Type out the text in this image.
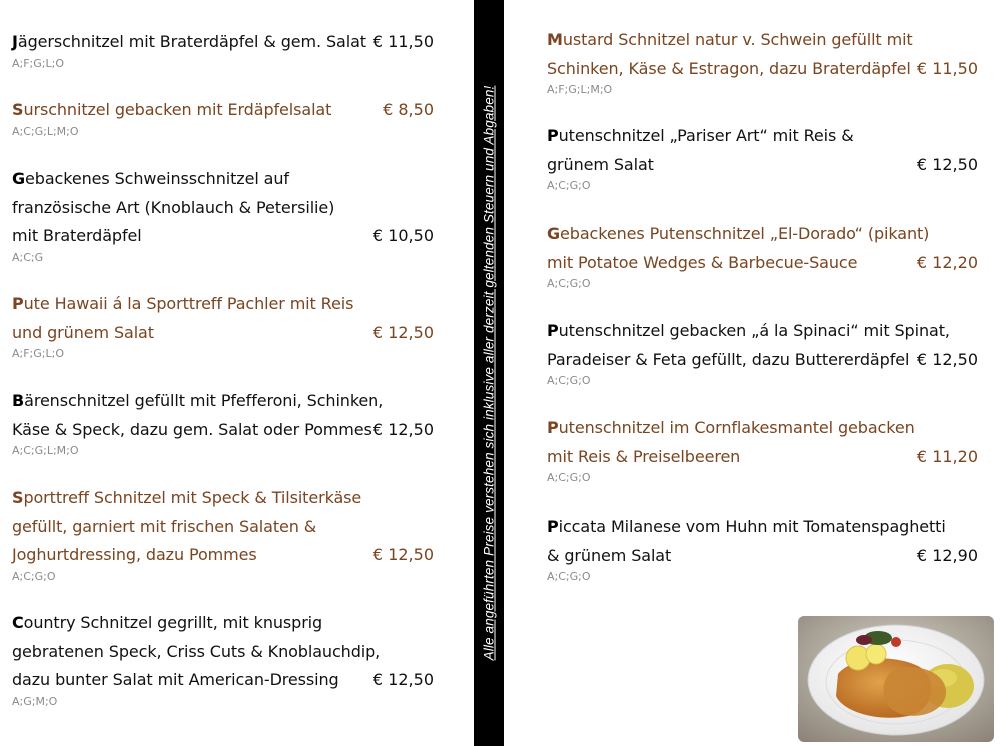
Jägerschnitzel mit Braterdäpfel & gem. Salat € 11,50
A;F;G;L;O
Surschnitzel gebacken mit Erdäpfelsalat	€ 8,50
A;C;G;L;M;O
Gebackenes Schweinsschnitzel auf
französische Art (Knoblauch & Petersilie)
mit Braterdäpfel	€ 10,50
A;C;G
Pute Hawaii á la Sporttreff Pachler mit Reis
und grünem Salat	€ 12,50
A;F;G;L;O
Bärenschnitzel gefüllt mit Pfefferoni, Schinken,
Käse & Speck, dazu gem. Salat oder Pommes € 12,50
A;C;G;L;M;O
Sporttreff Schnitzel mit Speck & Tilsiterkäse
gefüllt, garniert mit frischen Salaten &
Joghurtdressing, dazu Pommes	€ 12,50
A;C;G;O
Country Schnitzel gegrillt, mit knusprig
gebratenen Speck, Criss Cuts & Knoblauchdip,
dazu bunter Salat mit American-Dressing	€ 12,50
A;G;M;O
Alle angeführten Preise verstehen sich inklusive aller derzeit geltenden Steuern und Abgaben!
Mustard Schnitzel natur v. Schwein gefüllt mit
Schinken, Käse & Estragon, dazu Braterdäpfel € 11,50
A;F;G;L;M;O
Putenschnitzel „Pariser Art“ mit Reis &
grünem Salat	€ 12,50
A;C;G;O
Gebackenes Putenschnitzel „El-Dorado“ (pikant)
mit Potatoe Wedges & Barbecue-Sauce	€ 12,20
A;C;G;O
Putenschnitzel gebacken „á la Spinaci“ mit Spinat,
Paradeiser & Feta gefüllt, dazu Buttererdäpfel € 12,50
A;C;G;O
Putenschnitzel im Cornflakesmantel gebacken
mit Reis & Preiselbeeren	€ 11,20
A;C;G;O
Piccata Milanese vom Huhn mit Tomatenspaghetti
& grünem Salat	€ 12,90
A;C;G;O
